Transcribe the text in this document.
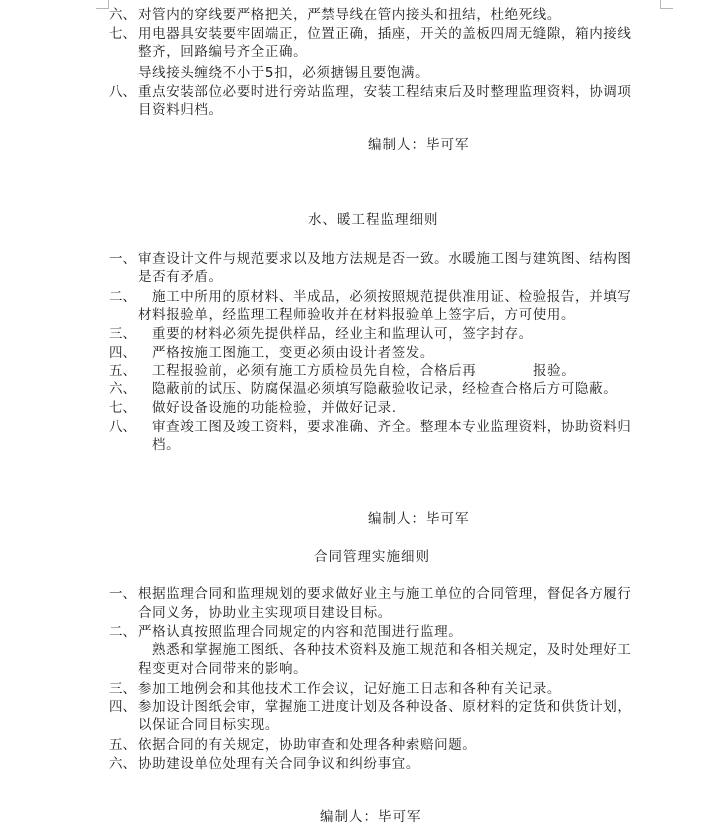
六、 对管内的穿线要严格把关，严禁导线在管内接头和扭结，杜绝死线。
七、 用电器具安装要牢固端正，位置正确，插座，开关的盖板四周无缝隙，箱内接线
整齐，回路编号齐全正确。
导线接头缠绕不小于5扣，必须搪锡且要饱满。
八、 重点安装部位必要时进行旁站监理，安装工程结束后及时整理监理资料，协调项
目资料归档。
编制人：毕可军
水、暖工程监理细则
一、 审查设计文件与规范要求以及地方法规是否一致。水暖施工图与建筑图、结构图
是否有矛盾。
二、 施工中所用的原材料、半成品，必须按照规范提供准用证、检验报告，并填写
材料报验单，经监理工程师验收并在材料报验单上签字后，方可使用。
三、 重要的材料必须先提供样品，经业主和监理认可，签字封存。
四、 严格按施工图施工，变更必须由设计者签发。
五、 工程报验前，必须有施工方质检员先自检，合格后再	报验。
六、 隐蔽前的试压、防腐保温必须填写隐蔽验收记录，经检查合格后方可隐蔽。
七、 做好设备设施的功能检验，并做好记录.
八、 审查竣工图及竣工资料，要求准确、齐全。整理本专业监理资料，协助资料归
档。
编制人：毕可军
合同管理实施细则
一、 根据监理合同和监理规划的要求做好业主与施工单位的合同管理，督促各方履行
合同义务，协助业主实现项目建设目标。
二、 严格认真按照监理合同规定的内容和范围进行监理。
熟悉和掌握施工图纸、各种技术资料及施工规范和各相关规定，及时处理好工
程变更对合同带来的影响。
三、 参加工地例会和其他技术工作会议，记好施工日志和各种有关记录。
四、 参加设计图纸会审，掌握施工进度计划及各种设备、原材料的定货和供货计划，
以保证合同目标实现。
五、 依据合同的有关规定，协助审查和处理各种索赔问题。
六、 协助建设单位处理有关合同争议和纠纷事宜。
编制人：毕可军
